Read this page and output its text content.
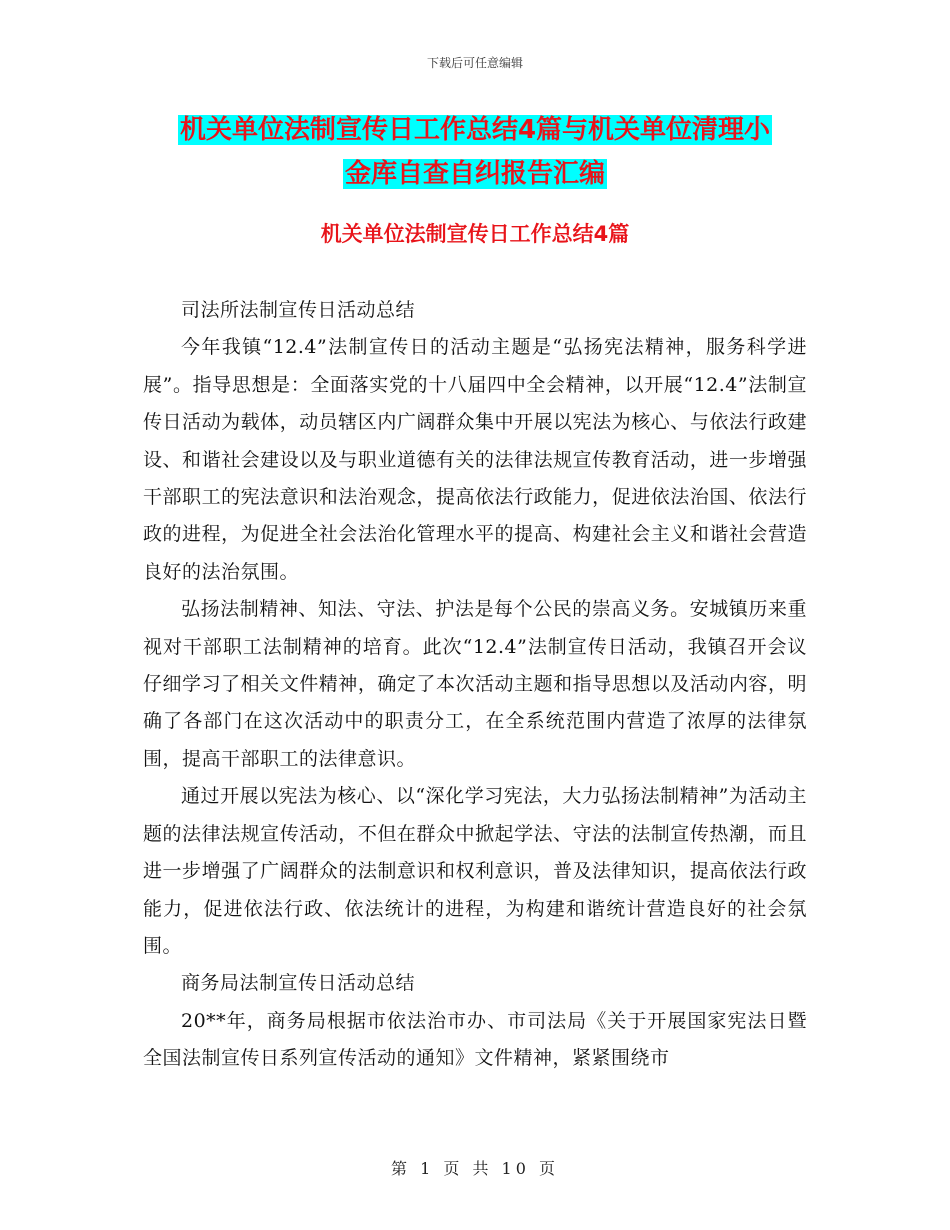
下载后可任意编辑
机关单位法制宣传日工作总结4篇与机关单位清理小
金库自查自纠报告汇编
机关单位法制宣传日工作总结4篇

司法所法制宣传日活动总结

今年我镇“12.4”法制宣传日的活动主题是“弘扬宪法精神，服务科学进展”。指导思想是：全面落实党的十八届四中全会精神，以开展“12.4”法制宣传日活动为载体，动员辖区内广阔群众集中开展以宪法为核心、与依法行政建设、和谐社会建设以及与职业道德有关的法律法规宣传教育活动，进一步增强干部职工的宪法意识和法治观念，提高依法行政能力，促进依法治国、依法行政的进程，为促进全社会法治化管理水平的提高、构建社会主义和谐社会营造良好的法治氛围。

弘扬法制精神、知法、守法、护法是每个公民的崇高义务。安城镇历来重视对干部职工法制精神的培育。此次“12.4”法制宣传日活动，我镇召开会议仔细学习了相关文件精神，确定了本次活动主题和指导思想以及活动内容，明确了各部门在这次活动中的职责分工，在全系统范围内营造了浓厚的法律氛围，提高干部职工的法律意识。

通过开展以宪法为核心、以“深化学习宪法，大力弘扬法制精神”为活动主题的法律法规宣传活动，不但在群众中掀起学法、守法的法制宣传热潮，而且进一步增强了广阔群众的法制意识和权利意识，普及法律知识，提高依法行政能力，促进依法行政、依法统计的进程，为构建和谐统计营造良好的社会氛围。

商务局法制宣传日活动总结

20**年，商务局根据市依法治市办、市司法局《关于开展国家宪法日暨全国法制宣传日系列宣传活动的通知》文件精神，紧紧围绕市

第 1 页 共 10 页
